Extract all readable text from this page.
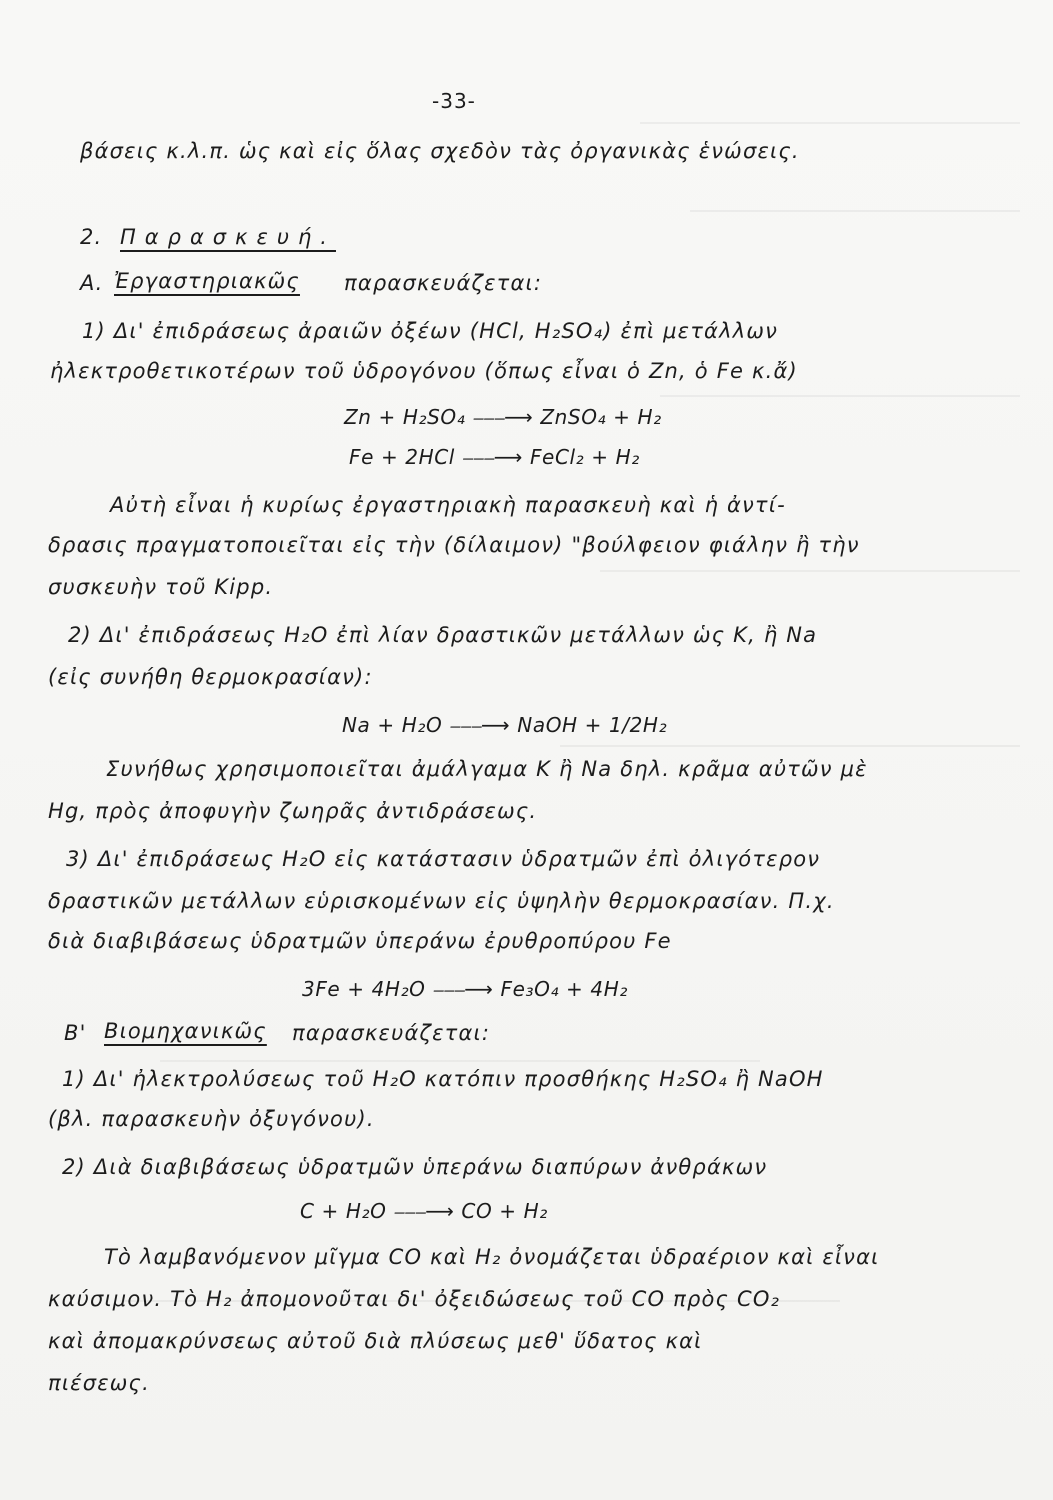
-33-
βάσεις κ.λ.π. ὡς καὶ εἰς ὅλας σχεδὸν τὰς ὀργανικὰς ἑνώσεις.
2. Παρασκευή.
Α. Ἐργαστηριακῶς παρασκευάζεται:
1) Δι' ἐπιδράσεως ἀραιῶν ὀξέων (HCl, H₂SO₄) ἐπὶ μετάλλων
ἠλεκτροθετικοτέρων τοῦ ὑδρογόνου (ὅπως εἶναι ὁ Zn, ὁ Fe κ.ἄ)
Zn + H₂SO₄ ⎯⎯⎯⟶ ZnSO₄ + H₂
Fe + 2HCl ⎯⎯⎯⟶ FeCl₂ + H₂
Αὐτὴ εἶναι ἡ κυρίως ἐργαστηριακὴ παρασκευὴ καὶ ἡ ἀντί-
δρασις πραγματοποιεῖται εἰς τὴν (δίλαιμον) "βούλφειον φιάλην ἢ τὴν
συσκευὴν τοῦ Kipp.
2) Δι' ἐπιδράσεως H₂O ἐπὶ λίαν δραστικῶν μετάλλων ὡς K, ἢ Na
(εἰς συνήθη θερμοκρασίαν):
Na + H₂O ⎯⎯⎯⟶ NaOH + 1/2H₂
Συνήθως χρησιμοποιεῖται ἀμάλγαμα K ἢ Na δηλ. κρᾶμα αὐτῶν μὲ
Hg, πρὸς ἀποφυγὴν ζωηρᾶς ἀντιδράσεως.
3) Δι' ἐπιδράσεως H₂O εἰς κατάστασιν ὑδρατμῶν ἐπὶ ὀλιγότερον
δραστικῶν μετάλλων εὑρισκομένων εἰς ὑψηλὴν θερμοκρασίαν. Π.χ.
διὰ διαβιβάσεως ὑδρατμῶν ὑπεράνω ἐρυθροπύρου Fe
3Fe + 4H₂O ⎯⎯⎯⟶ Fe₃O₄ + 4H₂
Β' Βιομηχανικῶς παρασκευάζεται:
1) Δι' ἠλεκτρολύσεως τοῦ H₂O κατόπιν προσθήκης H₂SO₄ ἢ NaOH
(βλ. παρασκευὴν ὀξυγόνου).
2) Διὰ διαβιβάσεως ὑδρατμῶν ὑπεράνω διαπύρων ἀνθράκων
C + H₂O ⎯⎯⎯⟶ CO + H₂
Τὸ λαμβανόμενον μῖγμα CO καὶ H₂ ὀνομάζεται ὑδραέριον καὶ εἶναι
καύσιμον. Τὸ H₂ ἀπομονοῦται δι' ὀξειδώσεως τοῦ CO πρὸς CO₂
καὶ ἀπομακρύνσεως αὐτοῦ διὰ πλύσεως μεθ' ὕδατος καὶ
πιέσεως.
